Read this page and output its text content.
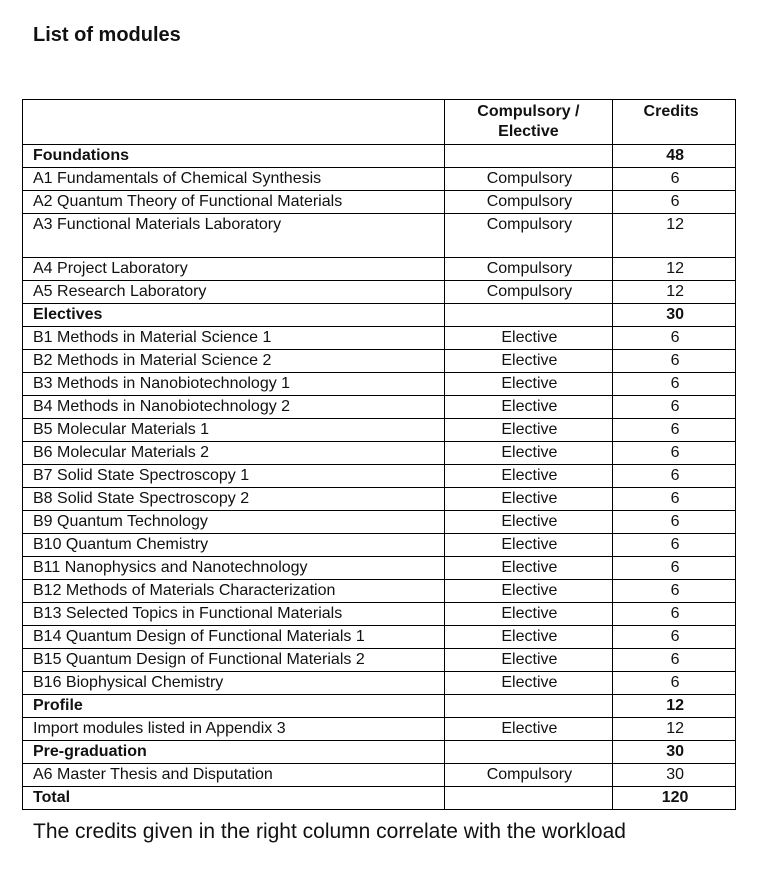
List of modules
	Compulsory / Elective	Credits
Foundations		48
A1 Fundamentals of Chemical Synthesis	Compulsory	6
A2 Quantum Theory of Functional Materials	Compulsory	6
A3 Functional Materials Laboratory	Compulsory	12
A4 Project Laboratory	Compulsory	12
A5 Research Laboratory	Compulsory	12
Electives		30
B1 Methods in Material Science 1	Elective	6
B2 Methods in Material Science 2	Elective	6
B3 Methods in Nanobiotechnology 1	Elective	6
B4 Methods in Nanobiotechnology 2	Elective	6
B5 Molecular Materials 1	Elective	6
B6 Molecular Materials 2	Elective	6
B7 Solid State Spectroscopy 1	Elective	6
B8 Solid State Spectroscopy 2	Elective	6
B9 Quantum Technology	Elective	6
B10 Quantum Chemistry	Elective	6
B11 Nanophysics and Nanotechnology	Elective	6
B12 Methods of Materials Characterization	Elective	6
B13 Selected Topics in Functional Materials	Elective	6
B14 Quantum Design of Functional Materials 1	Elective	6
B15 Quantum Design of Functional Materials 2	Elective	6
B16 Biophysical Chemistry	Elective	6
Profile		12
Import modules listed in Appendix 3	Elective	12
Pre-graduation		30
A6 Master Thesis and Disputation	Compulsory	30
Total		120

The credits given in the right column correlate with the workload
